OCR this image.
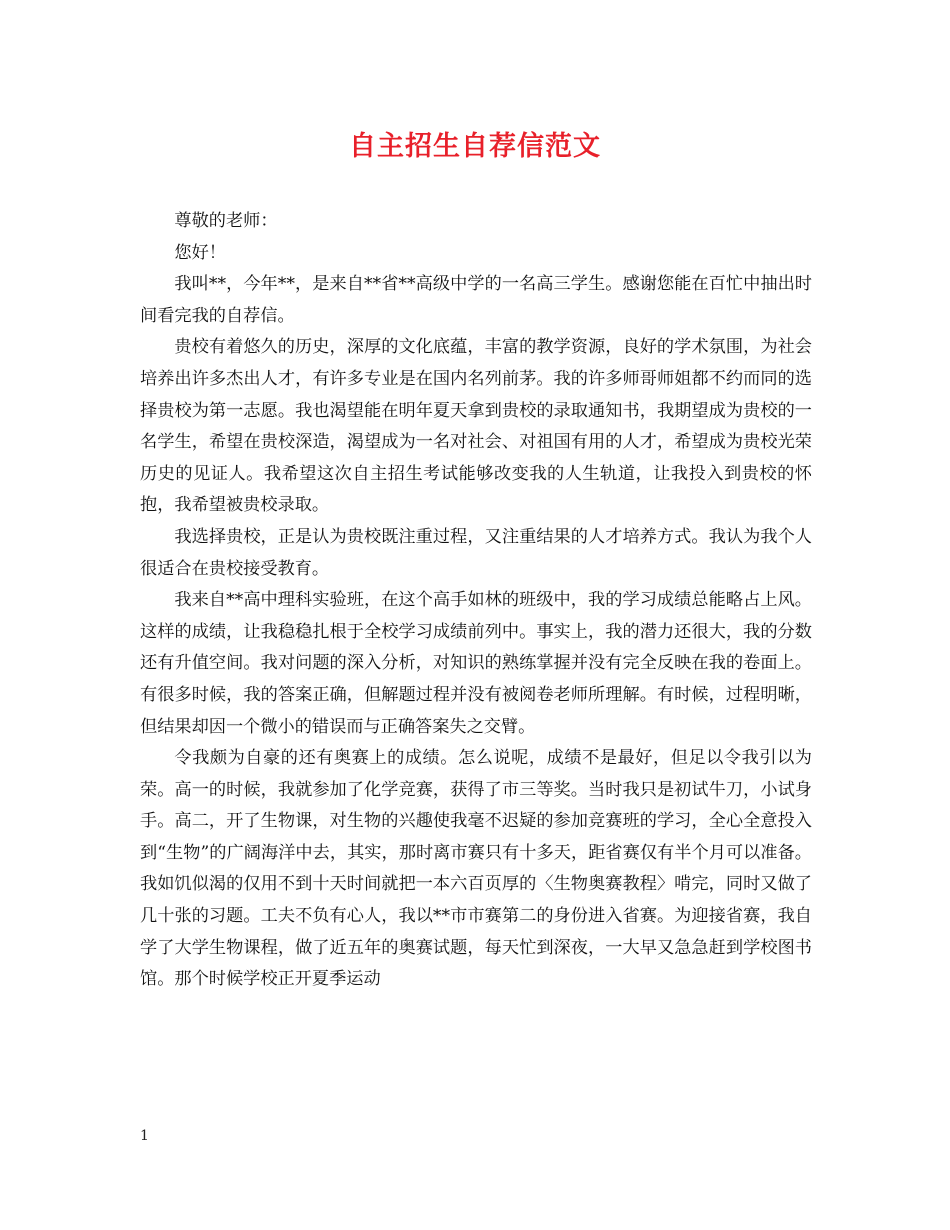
自主招生自荐信范文

尊敬的老师：

您好！

我叫**，今年**，是来自**省**高级中学的一名高三学生。感谢您能在百忙中抽出时间看完我的自荐信。

贵校有着悠久的历史，深厚的文化底蕴，丰富的教学资源，良好的学术氛围，为社会培养出许多杰出人才，有许多专业是在国内名列前茅。我的许多师哥师姐都不约而同的选择贵校为第一志愿。我也渴望能在明年夏天拿到贵校的录取通知书，我期望成为贵校的一名学生，希望在贵校深造，渴望成为一名对社会、对祖国有用的人才，希望成为贵校光荣历史的见证人。我希望这次自主招生考试能够改变我的人生轨道，让我投入到贵校的怀抱，我希望被贵校录取。

我选择贵校，正是认为贵校既注重过程，又注重结果的人才培养方式。我认为我个人很适合在贵校接受教育。

我来自**高中理科实验班，在这个高手如林的班级中，我的学习成绩总能略占上风。这样的成绩，让我稳稳扎根于全校学习成绩前列中。事实上，我的潜力还很大，我的分数还有升值空间。我对问题的深入分析，对知识的熟练掌握并没有完全反映在我的卷面上。有很多时候，我的答案正确，但解题过程并没有被阅卷老师所理解。有时候，过程明晰，但结果却因一个微小的错误而与正确答案失之交臂。

令我颇为自豪的还有奥赛上的成绩。怎么说呢，成绩不是最好，但足以令我引以为荣。高一的时候，我就参加了化学竞赛，获得了市三等奖。当时我只是初试牛刀，小试身手。高二，开了生物课，对生物的兴趣使我毫不迟疑的参加竞赛班的学习，全心全意投入到“生物”的广阔海洋中去，其实，那时离市赛只有十多天，距省赛仅有半个月可以准备。我如饥似渴的仅用不到十天时间就把一本六百页厚的〈生物奥赛教程〉啃完，同时又做了几十张的习题。工夫不负有心人，我以**市市赛第二的身份进入省赛。为迎接省赛，我自学了大学生物课程，做了近五年的奥赛试题，每天忙到深夜，一大早又急急赶到学校图书馆。那个时候学校正开夏季运动

1
